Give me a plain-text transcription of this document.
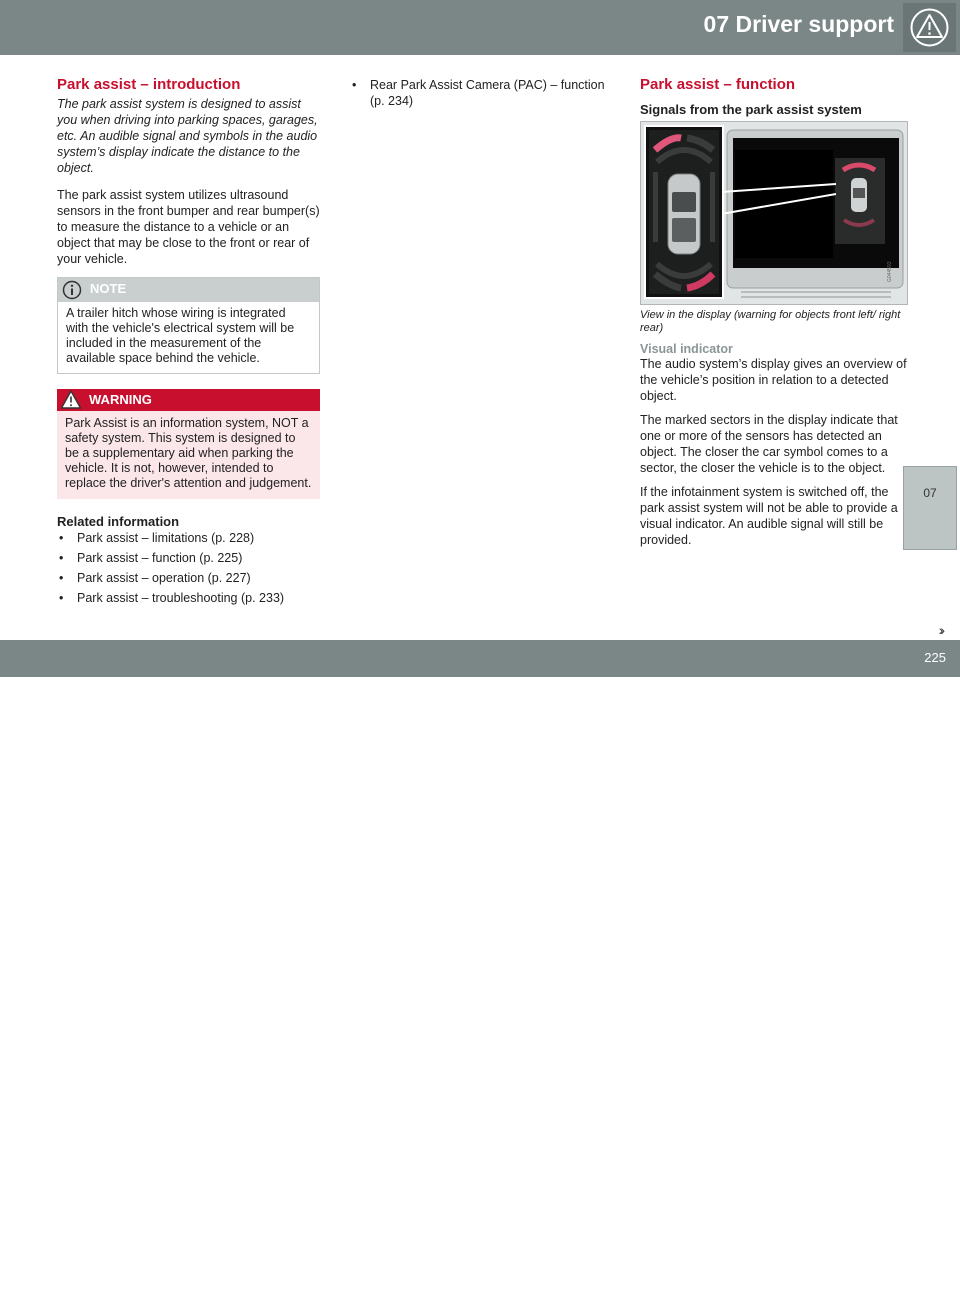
07 Driver support
07
Park assist – introduction
The park assist system is designed to assist you when driving into parking spaces, garages, etc. An audible signal and symbols in the audio system’s display indicate the distance to the object.
The park assist system utilizes ultrasound sensors in the front bumper and rear bumper(s) to measure the distance to a vehicle or an object that may be close to the front or rear of your vehicle.
NOTE
A trailer hitch whose wiring is integrated with the vehicle's electrical system will be included in the measurement of the available space behind the vehicle.
WARNING
Park Assist is an information system, NOT a safety system. This system is designed to be a supplementary aid when parking the vehicle. It is not, however, intended to replace the driver's attention and judgement.
Related information
• Park assist – limitations (p. 228)
• Park assist – function (p. 225)
• Park assist – operation (p. 227)
• Park assist – troubleshooting (p. 233)
• Rear Park Assist Camera (PAC) – function (p. 234)
Park assist – function
Signals from the park assist system
G044593
View in the display (warning for objects front left/ right rear)
Visual indicator
The audio system’s display gives an overview of the vehicle’s position in relation to a detected object.
The marked sectors in the display indicate that one or more of the sensors has detected an object. The closer the car symbol comes to a sector, the closer the vehicle is to the object.
If the infotainment system is switched off, the park assist system will not be able to provide a visual indicator. An audible signal will still be provided.
carmanualsonline.info
››
225
